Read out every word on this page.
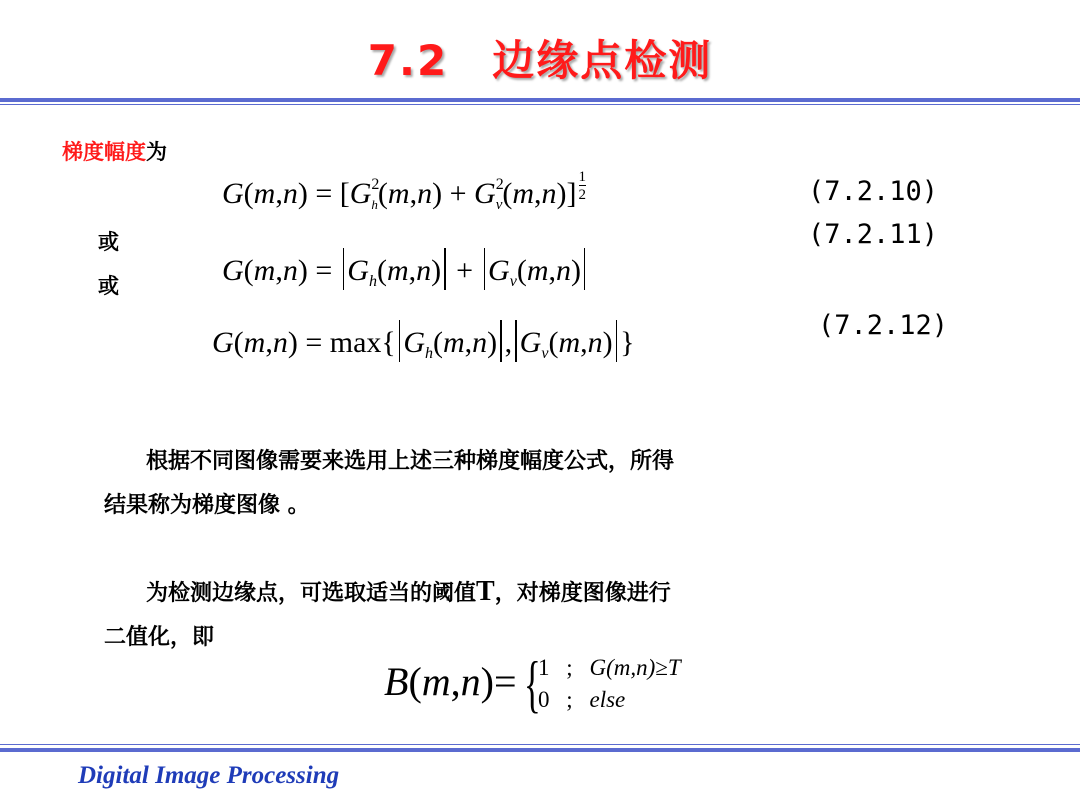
7.2　边缘点检测
梯度幅度为
$G(m,n) = [G^2_h(m,n) + G^2_v(m,n)]$ 1

2	(7.2.10)
或	(7.2.11)
或	$G(m,n) = G_h(m,n) + G_v(m,n)$
G(m,n) = max{ $G_h(m,n)$ , $G_v(m,n)$ }
(7.2.12)
根据不同图像需要来选用上述三种梯度幅度公式，所得
结果称为梯度图像 。
为检测边缘点，可选取适当的阈值T，对梯度图像进行
二值化，即
B(m,n)= {
1 ; G(m,n)≥T
0 ; else
Digital Image Processing
